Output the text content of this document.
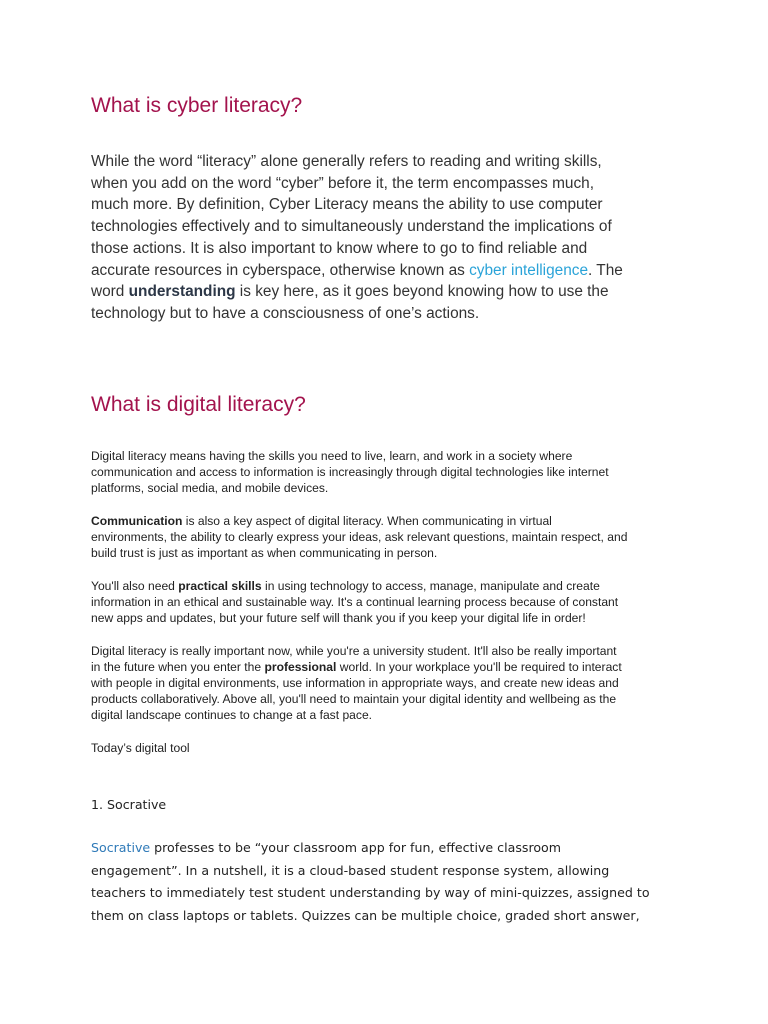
What is cyber literacy?

While the word “literacy” alone generally refers to reading and writing skills,
when you add on the word “cyber” before it, the term encompasses much,
much more. By definition, Cyber Literacy means the ability to use computer
technologies effectively and to simultaneously understand the implications of
those actions. It is also important to know where to go to find reliable and
accurate resources in cyberspace, otherwise known as cyber intelligence. The
word understanding is key here, as it goes beyond knowing how to use the
technology but to have a consciousness of one’s actions.

What is digital literacy?

Digital literacy means having the skills you need to live, learn, and work in a society where
communication and access to information is increasingly through digital technologies like internet
platforms, social media, and mobile devices.

Communication is also a key aspect of digital literacy. When communicating in virtual
environments, the ability to clearly express your ideas, ask relevant questions, maintain respect, and
build trust is just as important as when communicating in person.

You'll also need practical skills in using technology to access, manage, manipulate and create
information in an ethical and sustainable way. It's a continual learning process because of constant
new apps and updates, but your future self will thank you if you keep your digital life in order!

Digital literacy is really important now, while you're a university student. It'll also be really important
in the future when you enter the professional world. In your workplace you'll be required to interact
with people in digital environments, use information in appropriate ways, and create new ideas and
products collaboratively. Above all, you'll need to maintain your digital identity and wellbeing as the
digital landscape continues to change at a fast pace.

Today’s digital tool

1. Socrative

Socrative professes to be “your classroom app for fun, effective classroom
engagement”. In a nutshell, it is a cloud-based student response system, allowing
teachers to immediately test student understanding by way of mini-quizzes, assigned to
them on class laptops or tablets. Quizzes can be multiple choice, graded short answer,
